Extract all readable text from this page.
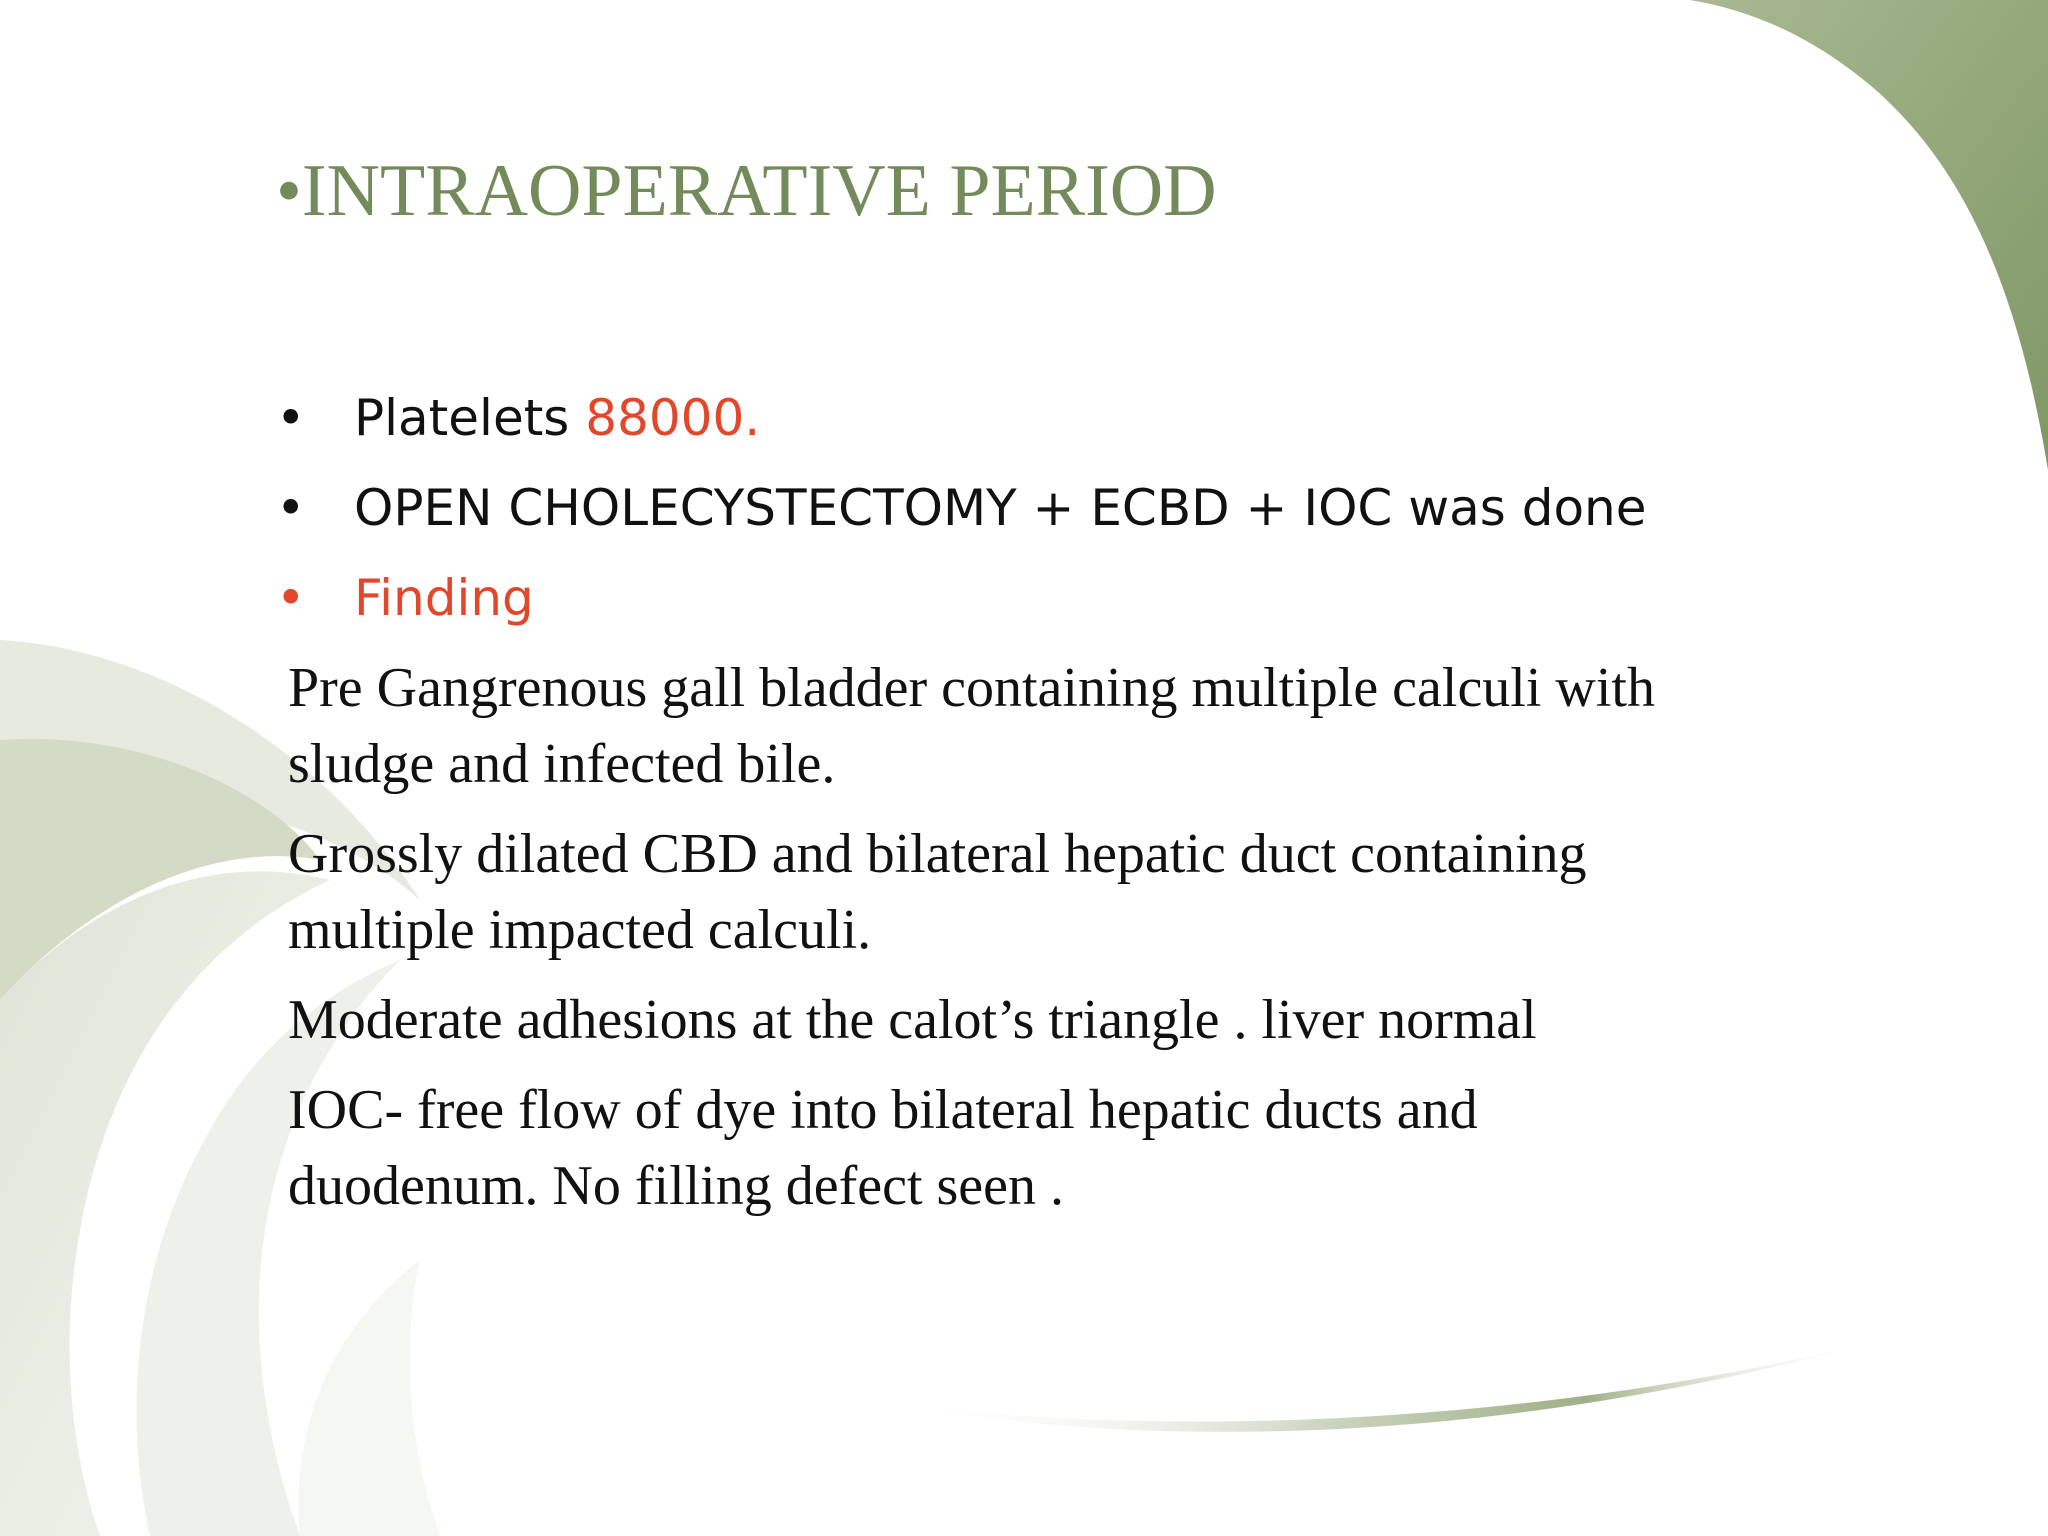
•INTRAOPERATIVE PERIOD
• Platelets 88000.
• OPEN CHOLECYSTECTOMY + ECBD + IOC was done
• Finding

Pre Gangrenous gall bladder containing multiple calculi with sludge and infected bile.

Grossly dilated CBD and bilateral hepatic duct containing multiple impacted calculi.

Moderate adhesions at the calot’s triangle . liver normal

IOC- free flow of dye into bilateral hepatic ducts and duodenum. No filling defect seen .
